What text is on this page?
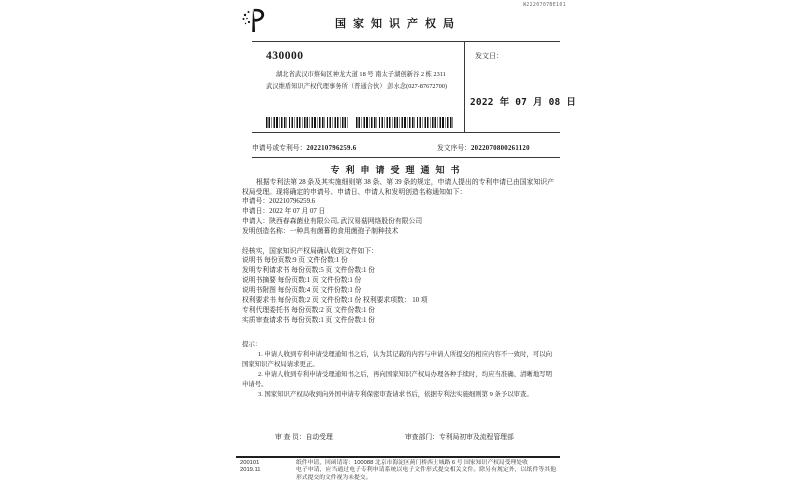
国家知识产权局
W2220707BE101
430000
湖北省武汉市蔡甸区神龙大道 18 号 南太子湖创新谷 2 栋 2311
武汉维盾知识产权代理事务所（普通合伙） 彭水念(027-87672700)
发文日：
2022 年 07 月 08 日
申请号或专利号：202210796259.6	发文序号：2022070800261120
专利申请受理通知书
根据专利法第 28 条及其实施细则第 38 条、第 39 条的规定，申请人提出的专利申请已由国家知识产权局受理。现将确定的申请号、申请日、申请人和发明创造名称通知如下：
申请号：202210796259.6
申请日：2022 年 07 月 07 日
申请人：陕西春森菌业有限公司, 武汉易菇网络股份有限公司
发明创造名称：一种具有菌幕的食用菌孢子制种技术
经核实，国家知识产权局确认收到文件如下：
说明书 每份页数:9 页 文件份数:1 份
发明专利请求书 每份页数:5 页 文件份数:1 份
说明书摘要 每份页数:1 页 文件份数:1 份
说明书附图 每份页数:4 页 文件份数:1 份
权利要求书 每份页数:2 页 文件份数:1 份 权利要求项数： 10 项
专利代理委托书 每份页数:2 页 文件份数:1 份
实质审查请求书 每份页数:1 页 文件份数:1 份
提示：
1. 申请人收到专利申请受理通知书之后，认为其记载的内容与申请人所提交的相应内容不一致时，可以向国家知识产权局请求更正。
2. 申请人收到专利申请受理通知书之后，再向国家知识产权局办理各种手续时，均应当准确、清晰地写明申请号。
3. 国家知识产权局收到向外国申请专利保密审查请求书后，依据专利法实施细则第 9 条予以审查。
审 查 员：自动受理	审查部门：专利局初审及流程管理部
200101
2019.11
纸件申请，回函请寄：100088 北京市海淀区蓟门桥西土城路 6 号 国家知识产权局受理处收
电子申请，应当通过电子专利申请系统以电子文件形式提交相关文件。除另有规定外，以纸件等其他形式提交的文件视为未提交。
